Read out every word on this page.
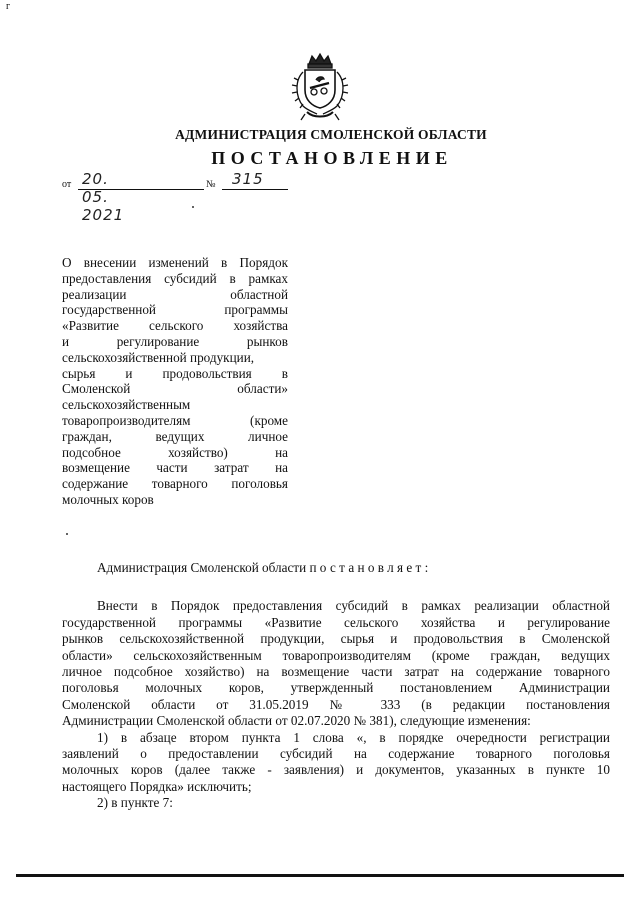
г
АДМИНИСТРАЦИЯ СМОЛЕНСКОЙ ОБЛАСТИ
ПОСТАНОВЛЕНИЕ
от 20. 05. 2021
№ 315
О внесении изменений в Порядок
предоставления субсидий в рамках
реализации областной
государственной программы
«Развитие сельского хозяйства
и регулирование рынков
сельскохозяйственной продукции,
сырья и продовольствия в
Смоленской области»
сельскохозяйственным
товаропроизводителям (кроме
граждан, ведущих личное
подсобное хозяйство) на
возмещение части затрат на
содержание товарного поголовья
молочных коров

Администрация Смоленской области постановляет:

Внести в Порядок предоставления субсидий в рамках реализации областной
государственной программы «Развитие сельского хозяйства и регулирование
рынков сельскохозяйственной продукции, сырья и продовольствия в Смоленской
области» сельскохозяйственным товаропроизводителям (кроме граждан, ведущих
личное подсобное хозяйство) на возмещение части затрат на содержание товарного
поголовья молочных коров, утвержденный постановлением Администрации
Смоленской области от 31.05.2019 № 333 (в редакции постановления
Администрации Смоленской области от 02.07.2020 № 381), следующие изменения:
1) в абзаце втором пункта 1 слова «, в порядке очередности регистрации
заявлений о предоставлении субсидий на содержание товарного поголовья
молочных коров (далее также - заявления) и документов, указанных в пункте 10
настоящего Порядка» исключить;
2) в пункте 7:
